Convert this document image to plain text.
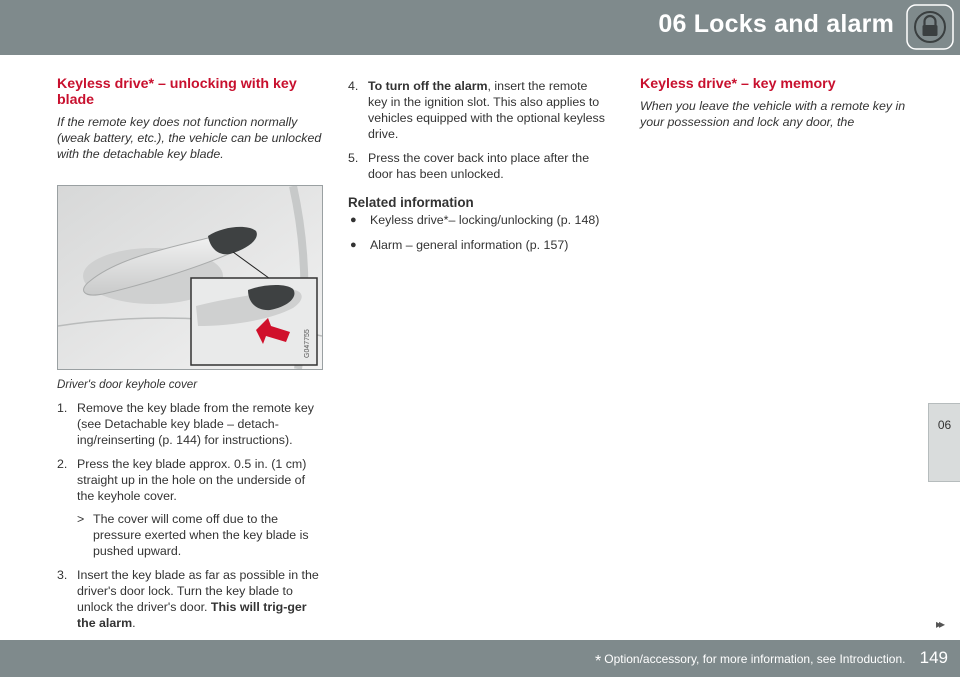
06 Locks and alarm
Keyless drive* – unlocking with key blade

If the remote key does not function normally (weak battery, etc.), the vehicle can be unlocked with the detachable key blade.

G047755

Driver's door keyhole cover

1. Remove the key blade from the remote key (see Detachable key blade – detach-ing/reinserting (p. 144) for instructions).
2. Press the key blade approx. 0.5 in. (1 cm) straight up in the hole on the underside of the keyhole cover.
> The cover will come off due to the pressure exerted when the key blade is pushed upward.
3. Insert the key blade as far as possible in the driver's door lock. Turn the key blade to unlock the driver's door. This will trig-ger the alarm.
4. To turn off the alarm, insert the remote key in the ignition slot. This also applies to vehicles equipped with the optional keyless drive.
5. Press the cover back into place after the door has been unlocked.
Related information
● Keyless drive*– locking/unlocking (p. 148)
● Alarm – general information (p. 157)
Keyless drive* – key memory

When you leave the vehicle with a remote key in your possession and lock any door, the

06
▸▸
* Option/accessory, for more information, see Introduction. 149
